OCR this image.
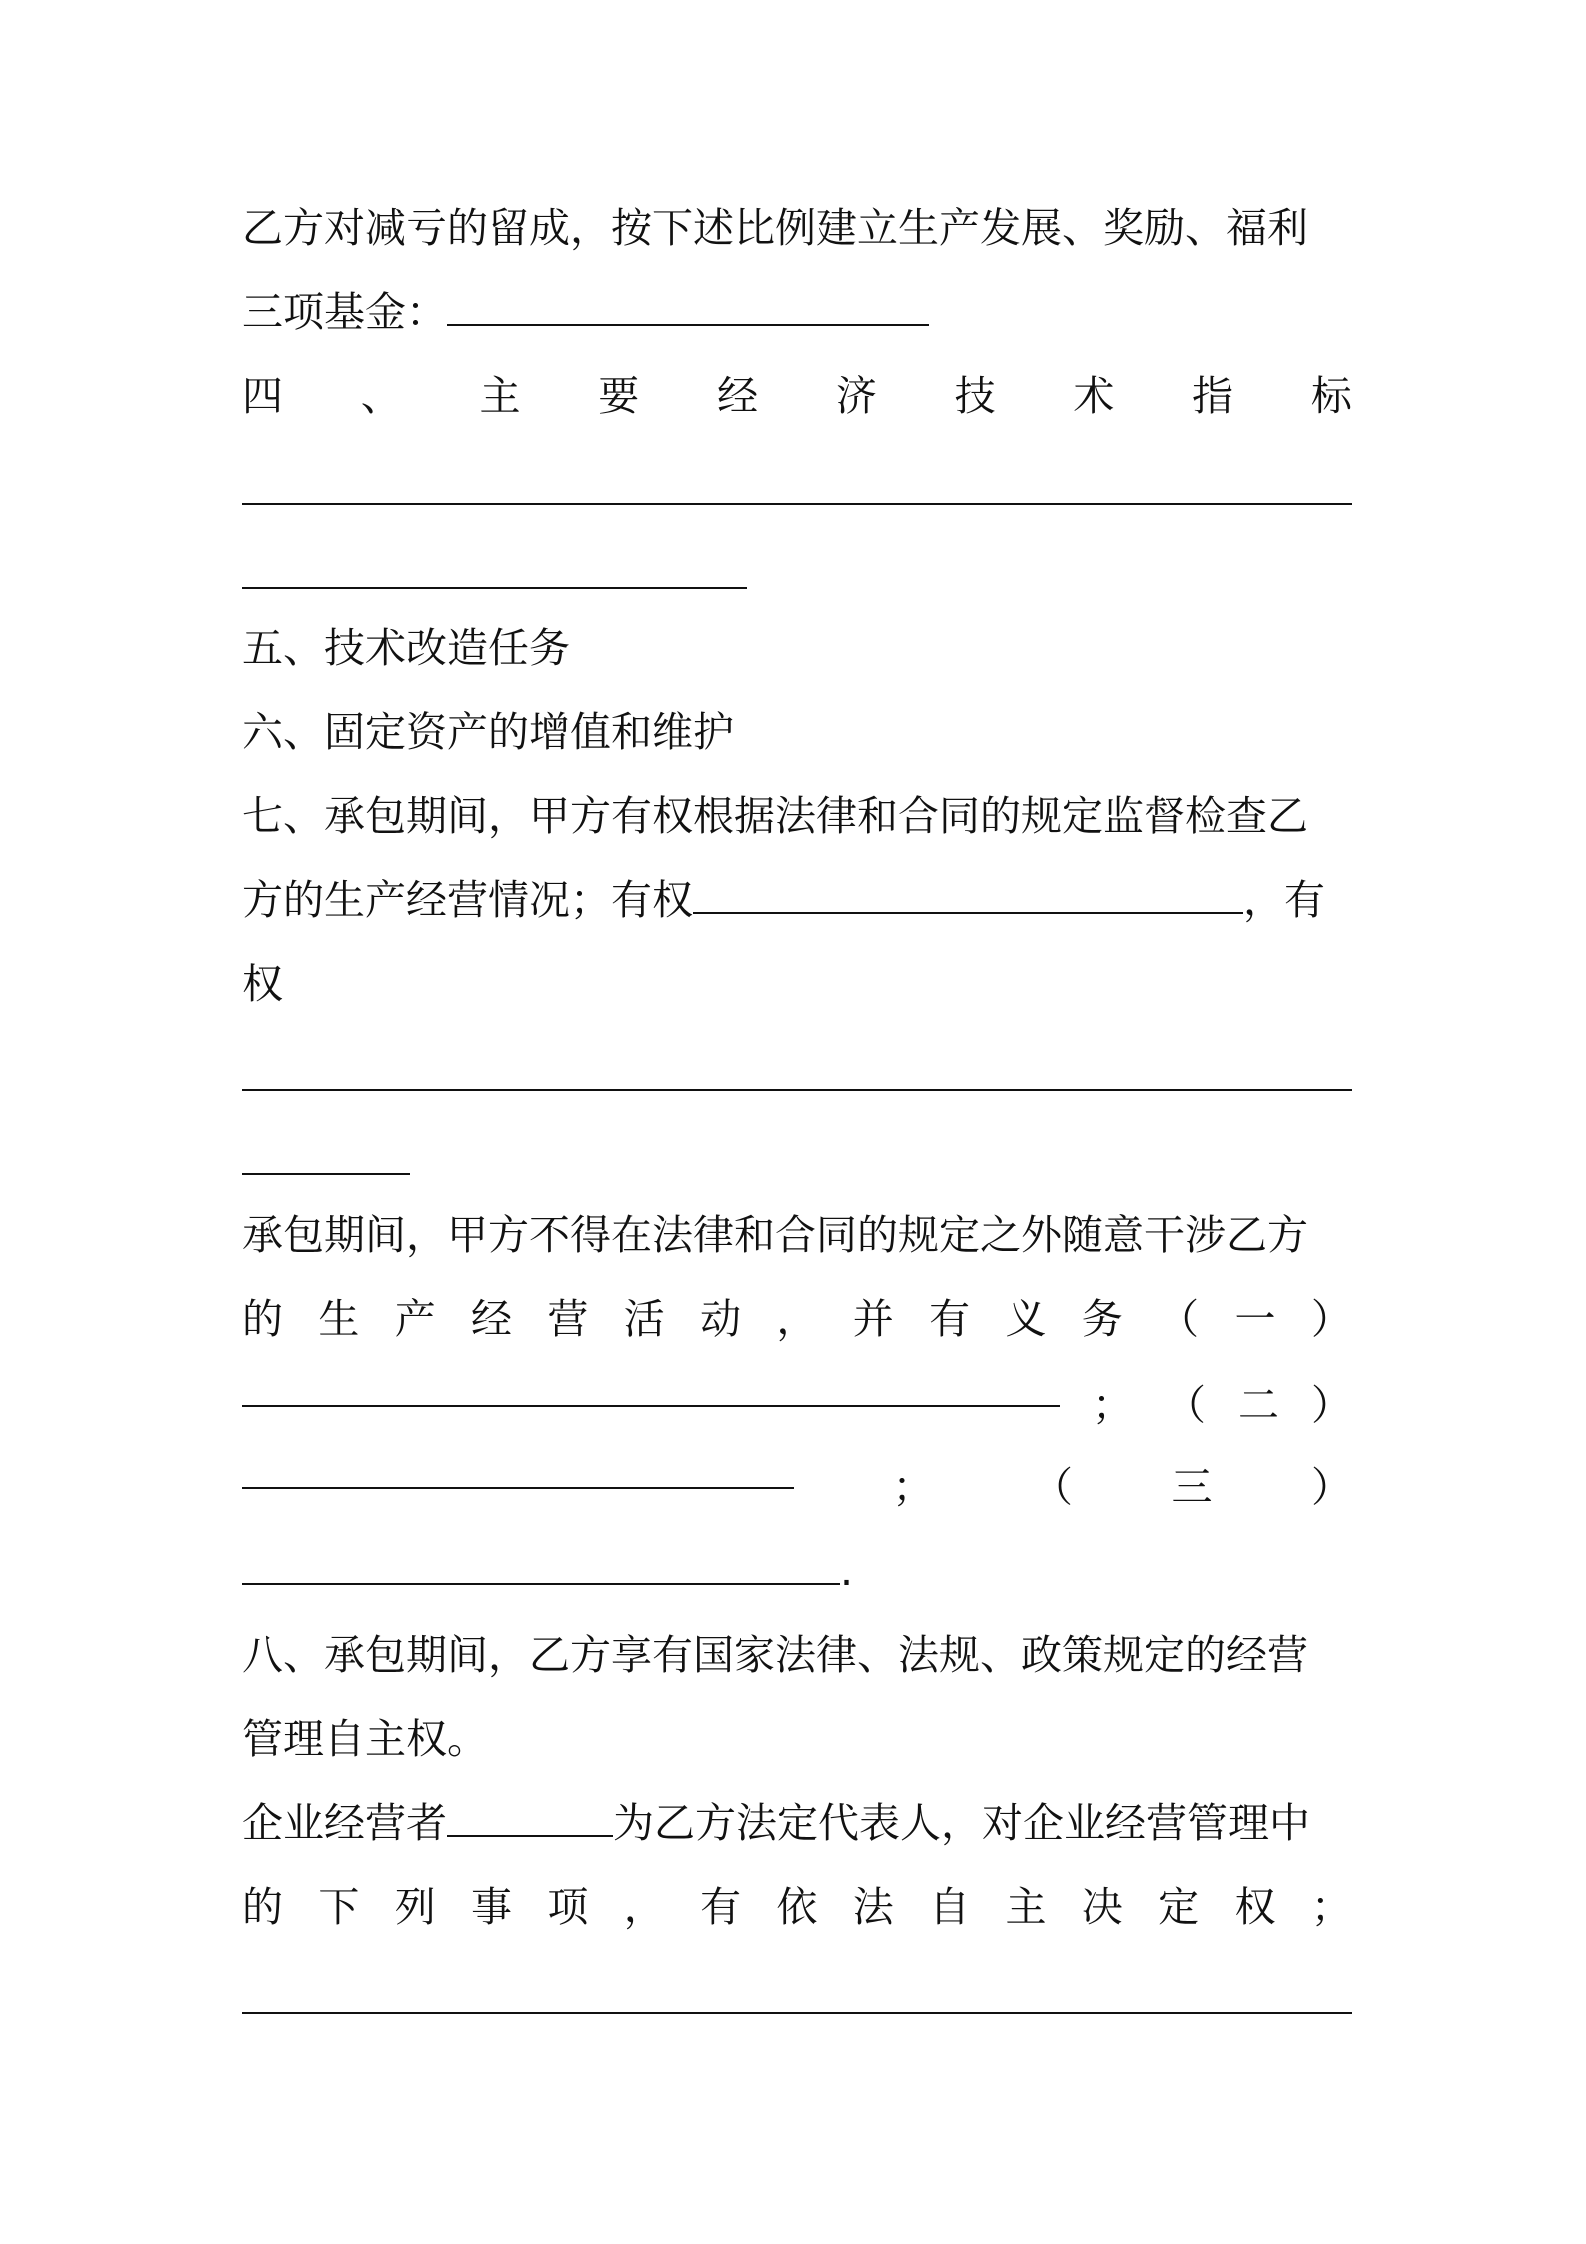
乙方对减亏的留成，按下述比例建立生产发展、奖励、福利
三项基金：
四 、 主 要 经 济 技 术 指 标
五、技术改造任务
六、固定资产的增值和维护
七、承包期间，甲方有权根据法律和合同的规定监督检查乙
方的生产经营情况；有权	，有
权
承包期间，甲方不得在法律和合同的规定之外随意干涉乙方
的 生 产 经 营 活 动 ， 并 有 义 务 （ 一 ）
； （ 二 ）
； （ 三 ）
.
八、承包期间，乙方享有国家法律、法规、政策规定的经营
管理自主权。
企业经营者	为乙方法定代表人，对企业经营管理中
的 下 列 事 项 ， 有 依 法 自 主 决 定 权 ；
